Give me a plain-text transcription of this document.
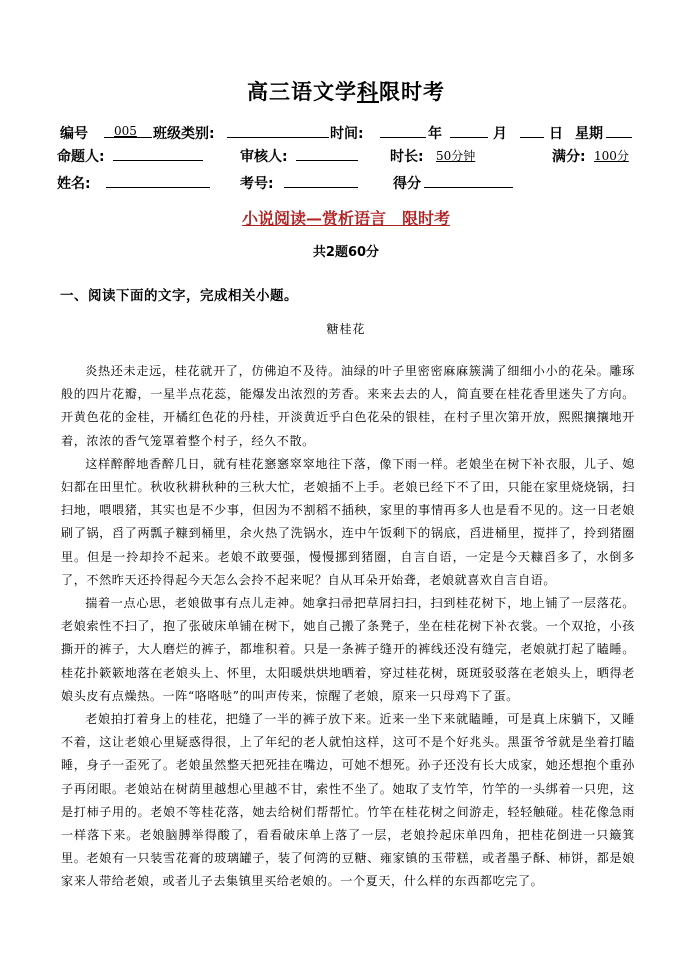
高三语文学科限时考
编号 005 班级类别:	时间:	年	月	日 星期
命题人:	审核人:	时长: 50分钟	满分: 100分
姓名:	考号:	得分
小说阅读—赏析语言　限时考
共2题60分
一、阅读下面的文字，完成相关小题。
糖桂花

炎热还未走远，桂花就开了，仿佛迫不及待。油绿的叶子里密密麻麻簇满了细细小小的花朵。雕琢般的四片花瓣，一星半点花蕊，能爆发出浓烈的芳香。来来去去的人，简直要在桂花香里迷失了方向。开黄色花的金桂，开橘红色花的丹桂，开淡黄近乎白色花朵的银桂，在村子里次第开放，熙熙攘攘地开着，浓浓的香气笼罩着整个村子，经久不散。

这样醉醉地香醉几日，就有桂花窸窸窣窣地往下落，像下雨一样。老娘坐在树下补衣服，儿子、媳妇都在田里忙。秋收秋耕秋种的三秋大忙，老娘插不上手。老娘已经下不了田，只能在家里烧烧锅，扫扫地，喂喂猪，其实也是不少事，但因为不割稻不插秧，家里的事情再多人也是看不见的。这一日老娘刷了锅，舀了两瓢子糠到桶里，余火热了洗锅水，连中午饭剩下的锅底，舀进桶里，搅拌了，拎到猪圈里。但是一拎却拎不起来。老娘不敢要强，慢慢挪到猪圈，自言自语，一定是今天糠舀多了，水倒多了，不然昨天还拎得起今天怎么会拎不起来呢？自从耳朵开始聋，老娘就喜欢自言自语。

揣着一点心思，老娘做事有点儿走神。她拿扫帚把草屑扫扫，扫到桂花树下，地上铺了一层落花。老娘索性不扫了，抱了张破床单铺在树下，她自己搬了条凳子，坐在桂花树下补衣裳。一个双抢，小孩撕开的裤子，大人磨烂的裤子，都堆积着。只是一条裤子缝开的裤线还没有缝完，老娘就打起了瞌睡。桂花扑簌簌地落在老娘头上、怀里，太阳暖烘烘地晒着，穿过桂花树，斑斑驳驳落在老娘头上，晒得老娘头皮有点燥热。一阵“咯咯哒”的叫声传来，惊醒了老娘，原来一只母鸡下了蛋。

老娘拍打着身上的桂花，把缝了一半的裤子放下来。近来一坐下来就瞌睡，可是真上床躺下，又睡不着，这让老娘心里疑惑得很，上了年纪的老人就怕这样，这可不是个好兆头。黑蛋爷爷就是坐着打瞌睡，身子一歪死了。老娘虽然整天把死挂在嘴边，可她不想死。孙子还没有长大成家，她还想抱个重孙子再闭眼。老娘站在树荫里越想心里越不甘，索性不坐了。她取了支竹竿，竹竿的一头绑着一只兜，这是打柿子用的。老娘不等桂花落，她去给树们帮帮忙。竹竿在桂花树之间游走，轻轻触碰。桂花像急雨一样落下来。老娘脑膊举得酸了，看看破床单上落了一层，老娘拎起床单四角，把桂花倒进一只簸箕里。老娘有一只装雪花膏的玻璃罐子，装了何湾的豆糖、雍家镇的玉带糕，或者墨子酥、柿饼，都是娘家来人带给老娘，或者儿子去集镇里买给老娘的。一个夏天，什么样的东西都吃完了。
